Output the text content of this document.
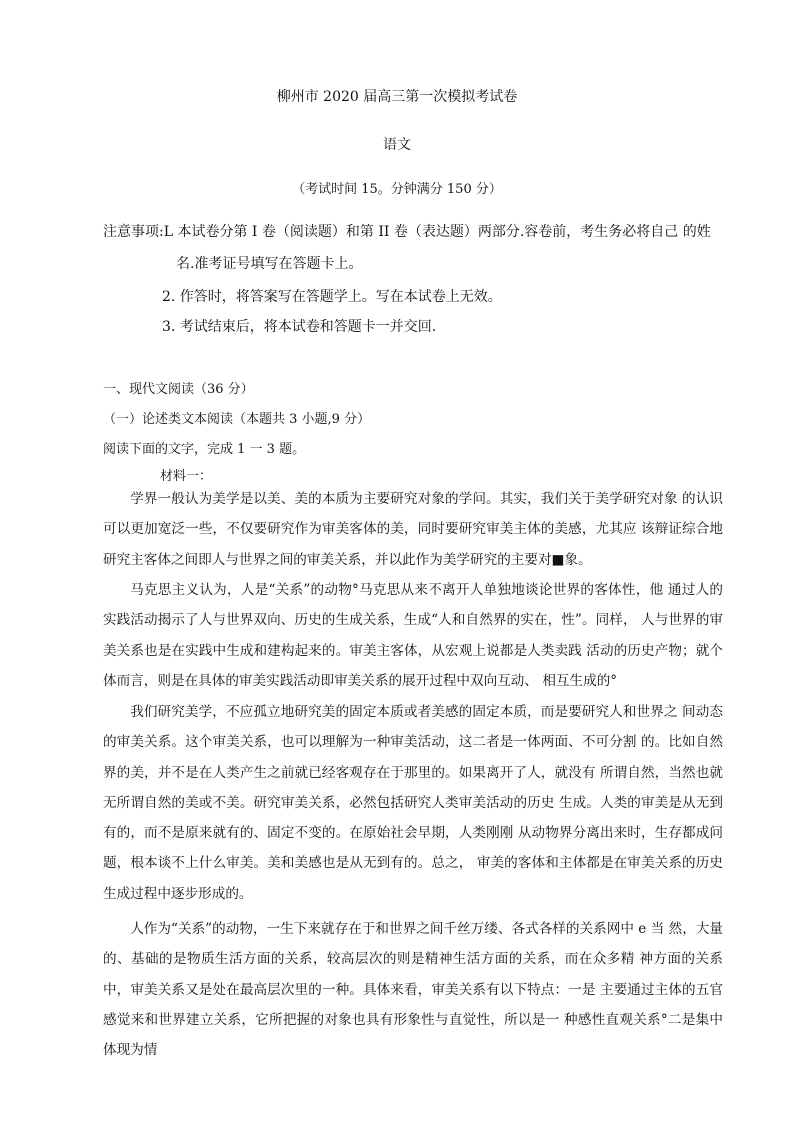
柳州市 2020 届高三第一次模拟考试卷
语文
（考试时间 15。分钟满分 150 分）
注意事项:L 本试卷分第 I 卷（阅读题）和第 II 卷（表达题）两部分.容卷前，考生务必将自己 的姓
名.准考证号填写在答题卡上。
2. 作答时，将答案写在答题学上。写在本试卷上无效。
3. 考试结束后，将本试卷和答题卡一并交回.
一、现代文阅读（36 分）
（一）论述类文本阅读（本题共 3 小题,9 分）
阅读下面的文字，完成 1 一 3 题。
材料一：
学界一般认为美学是以美、美的本质为主要研究对象的学问。其实，我们关于美学研究对象 的认识可以更加宽泛一些，不仅要研究作为审美客体的美，同时要研究审美主体的美感，尤其应 该辩证综合地研究主客体之间即人与世界之间的审美关系，并以此作为美学研究的主要对■象。
马克思主义认为，人是“关系”的动物°马克思从来不离开人单独地谈论世界的客体性，他 通过人的实践活动揭示了人与世界双向、历史的生成关系，生成“人和自然界的实在，性”。同样， 人与世界的审美关系也是在实践中生成和建构起来的。审美主客体，从宏观上说都是人类卖践 活动的历史产物；就个体而言，则是在具体的审美实践活动即审美关系的展开过程中双向互动、 相互生成的°
我们研究美学，不应孤立地研究美的固定本质或者美感的固定本质，而是要研究人和世界之 间动态的审美关系。这个审美关系，也可以理解为一种审美活动，这二者是一体两面、不可分割 的。比如自然界的美，并不是在人类产生之前就已经客观存在于那里的。如果离开了人，就没有 所谓自然，当然也就无所谓自然的美或不美。研究审美关系，必然包括研究人类审美活动的历史 生成。人类的审美是从无到有的，而不是原来就有的、固定不变的。在原始社会早期，人类刚刚 从动物界分离出来时，生存都成问题，根本谈不上什么审美。美和美感也是从无到有的。总之， 审美的客体和主体都是在审美关系的历史生成过程中逐步形成的。
人作为“关系”的动物，一生下来就存在于和世界之间千丝万缕、各式各样的关系网中 e 当 然，大量的、基础的是物质生活方面的关系，较高层次的则是精神生活方面的关系，而在众多精 神方面的关系中，审美关系又是处在最高层次里的一种。具体来看，审美关系有以下特点：一是 主要通过主体的五官感觉来和世界建立关系，它所把握的对象也具有形象性与直觉性，所以是一 种感性直观关系°二是集中体现为情
